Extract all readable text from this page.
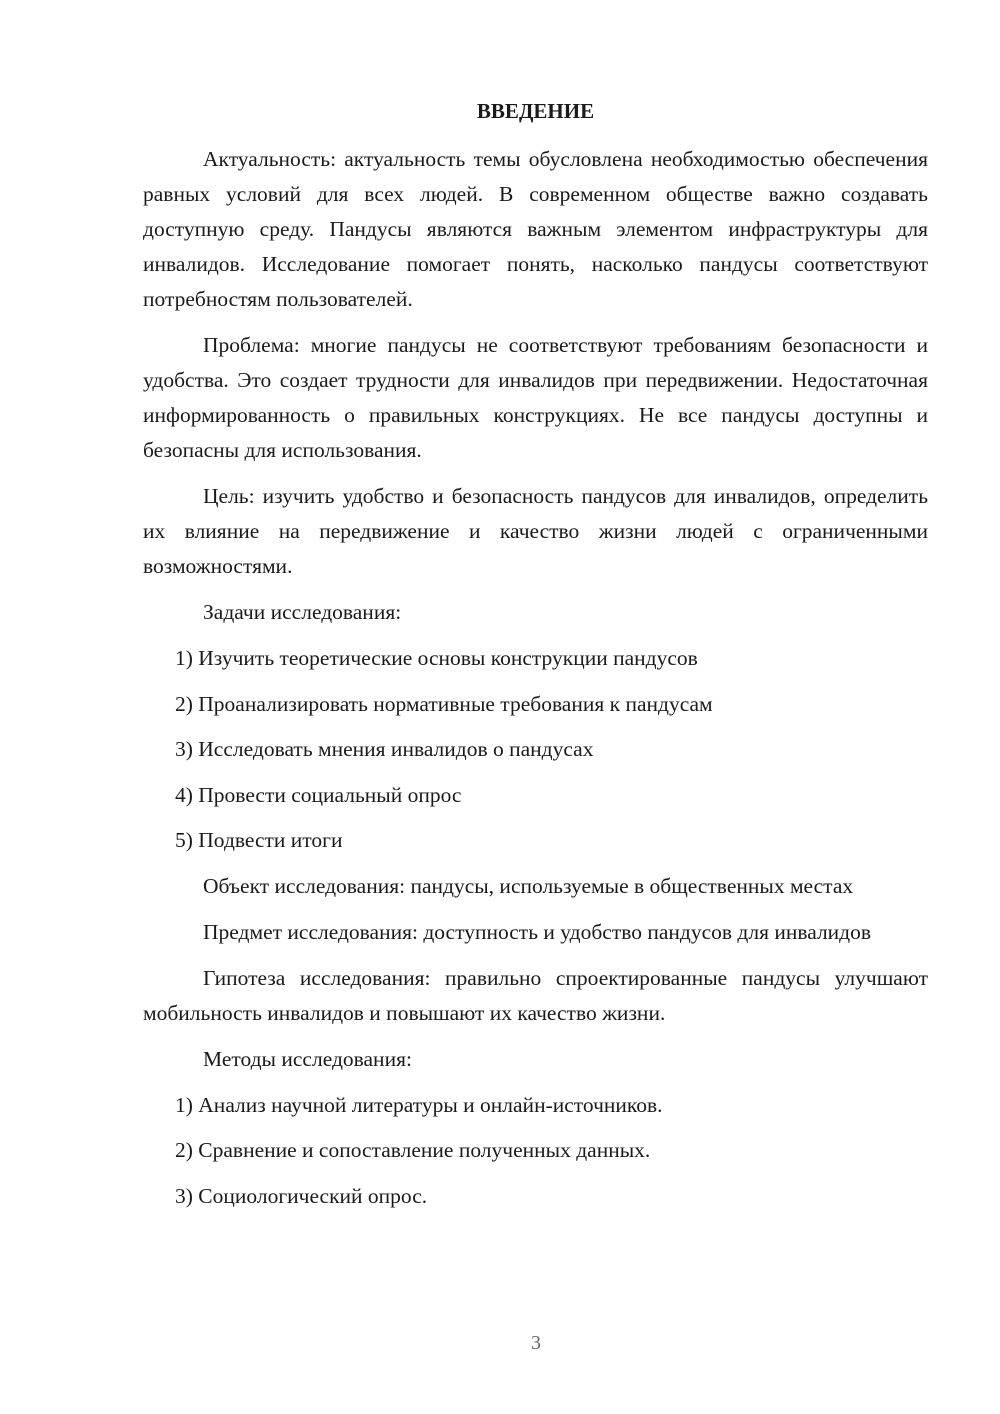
ВВЕДЕНИЕ

Актуальность: актуальность темы обусловлена необходимостью обеспечения равных условий для всех людей. В современном обществе важно создавать доступную среду. Пандусы являются важным элементом инфраструктуры для инвалидов. Исследование помогает понять, насколько пандусы соответствуют потребностям пользователей.

Проблема: многие пандусы не соответствуют требованиям безопасности и удобства. Это создает трудности для инвалидов при передвижении. Недостаточная информированность о правильных конструкциях. Не все пандусы доступны и безопасны для использования.

Цель: изучить удобство и безопасность пандусов для инвалидов, определить их влияние на передвижение и качество жизни людей с ограниченными возможностями.

Задачи исследования:
1) Изучить теоретические основы конструкции пандусов
2) Проанализировать нормативные требования к пандусам
3) Исследовать мнения инвалидов о пандусах
4) Провести социальный опрос
5) Подвести итоги

Объект исследования: пандусы, используемые в общественных местах

Предмет исследования: доступность и удобство пандусов для инвалидов

Гипотеза исследования: правильно спроектированные пандусы улучшают мобильность инвалидов и повышают их качество жизни.

Методы исследования:
1) Анализ научной литературы и онлайн-источников.
2) Сравнение и сопоставление полученных данных.
3) Социологический опрос.
3
